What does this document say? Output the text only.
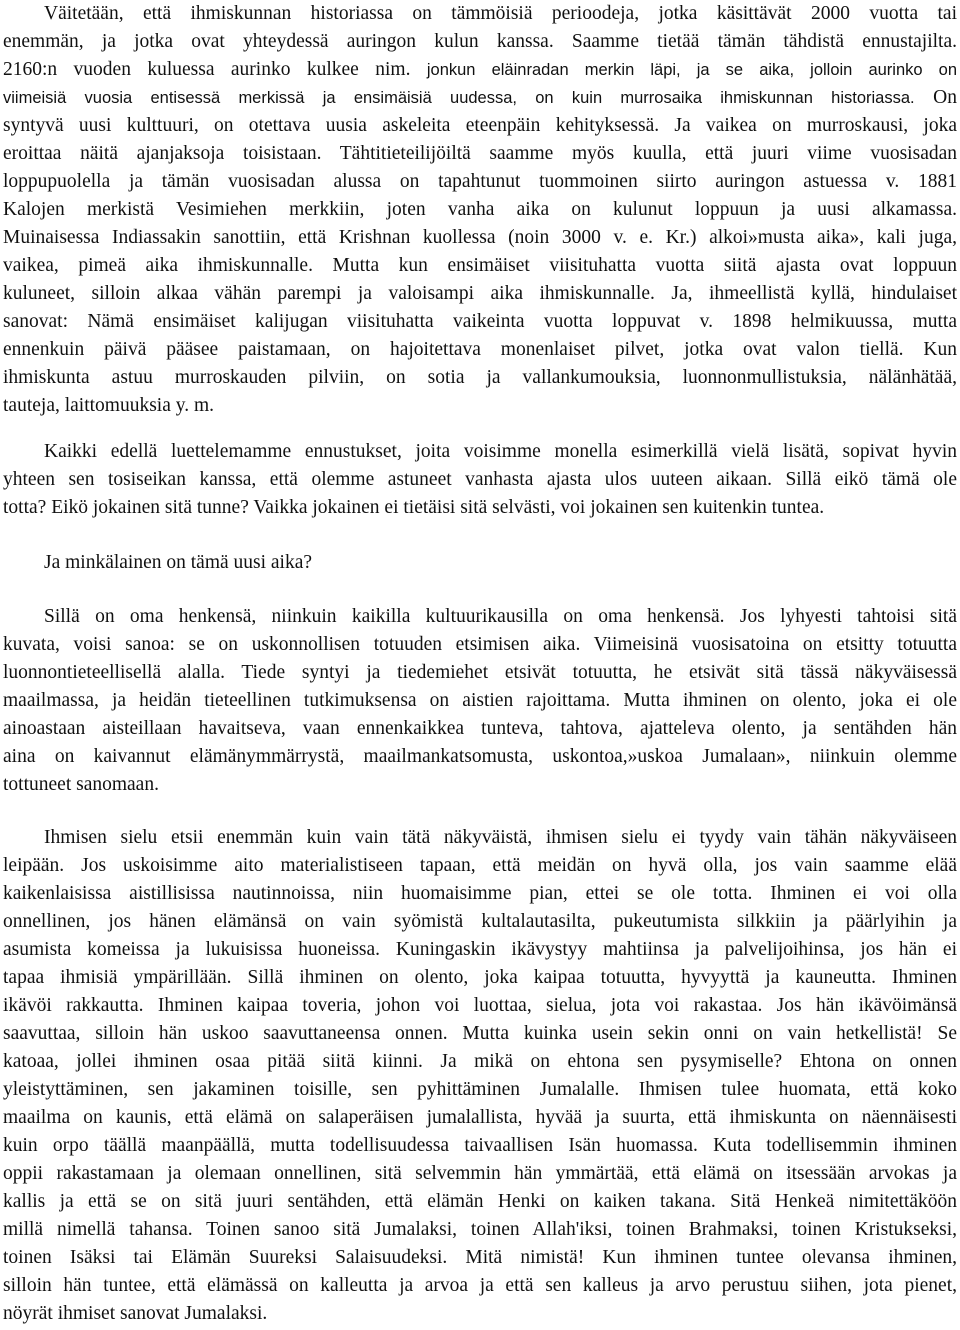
Väitetään, että ihmiskunnan historiassa on tämmöisiä perioodeja, jotka käsittävät 2000 vuotta tai
enemmän, ja jotka ovat yhteydessä auringon kulun kanssa. Saamme tietää tämän tähdistä ennustajilta.
2160:n vuoden kuluessa aurinko kulkee nim. jonkun eläinradan merkin läpi, ja se aika, jolloin aurinko on
viimeisiä vuosia entisessä merkissä ja ensimäisiä uudessa, on kuin murrosaika ihmiskunnan historiassa. On
syntyvä uusi kulttuuri, on otettava uusia askeleita eteenpäin kehityksessä. Ja vaikea on murroskausi, joka
eroittaa näitä ajanjaksoja toisistaan. Tähtitieteilijöiltä saamme myös kuulla, että juuri viime vuosisadan
loppupuolella ja tämän vuosisadan alussa on tapahtunut tuommoinen siirto auringon astuessa v. 1881
Kalojen merkistä Vesimiehen merkkiin, joten vanha aika on kulunut loppuun ja uusi alkamassa.
Muinaisessa Indiassakin sanottiin, että Krishnan kuollessa (noin 3000 v. e. Kr.) alkoi»musta aika», kali juga,
vaikea, pimeä aika ihmiskunnalle. Mutta kun ensimäiset viisituhatta vuotta siitä ajasta ovat loppuun
kuluneet, silloin alkaa vähän parempi ja valoisampi aika ihmiskunnalle. Ja, ihmeellistä kyllä, hindulaiset
sanovat: Nämä ensimäiset kalijugan viisituhatta vaikeinta vuotta loppuvat v. 1898 helmikuussa, mutta
ennenkuin päivä pääsee paistamaan, on hajoitettava monenlaiset pilvet, jotka ovat valon tiellä. Kun
ihmiskunta astuu murroskauden pilviin, on sotia ja vallankumouksia, luonnonmullistuksia, nälänhätää,
tauteja, laittomuuksia y. m.
Kaikki edellä luettelemamme ennustukset, joita voisimme monella esimerkillä vielä lisätä, sopivat hyvin
yhteen sen tosiseikan kanssa, että olemme astuneet vanhasta ajasta ulos uuteen aikaan. Sillä eikö tämä ole
totta? Eikö jokainen sitä tunne? Vaikka jokainen ei tietäisi sitä selvästi, voi jokainen sen kuitenkin tuntea.
Ja minkälainen on tämä uusi aika?
Sillä on oma henkensä, niinkuin kaikilla kultuurikausilla on oma henkensä. Jos lyhyesti tahtoisi sitä
kuvata, voisi sanoa: se on uskonnollisen totuuden etsimisen aika. Viimeisinä vuosisatoina on etsitty totuutta
luonnontieteellisellä alalla. Tiede syntyi ja tiedemiehet etsivät totuutta, he etsivät sitä tässä näkyväisessä
maailmassa, ja heidän tieteellinen tutkimuksensa on aistien rajoittama. Mutta ihminen on olento, joka ei ole
ainoastaan aisteillaan havaitseva, vaan ennenkaikkea tunteva, tahtova, ajatteleva olento, ja sentähden hän
aina on kaivannut elämänymmärrystä, maailmankatsomusta, uskontoa,»uskoa Jumalaan», niinkuin olemme
tottuneet sanomaan.
Ihmisen sielu etsii enemmän kuin vain tätä näkyväistä, ihmisen sielu ei tyydy vain tähän näkyväiseen
leipään. Jos uskoisimme aito materialistiseen tapaan, että meidän on hyvä olla, jos vain saamme elää
kaikenlaisissa aistillisissa nautinnoissa, niin huomaisimme pian, ettei se ole totta. Ihminen ei voi olla
onnellinen, jos hänen elämänsä on vain syömistä kultalautasilta, pukeutumista silkkiin ja päärlyihin ja
asumista komeissa ja lukuisissa huoneissa. Kuningaskin ikävystyy mahtiinsa ja palvelijoihinsa, jos hän ei
tapaa ihmisiä ympärillään. Sillä ihminen on olento, joka kaipaa totuutta, hyvyyttä ja kauneutta. Ihminen
ikävöi rakkautta. Ihminen kaipaa toveria, johon voi luottaa, sielua, jota voi rakastaa. Jos hän ikävöimänsä
saavuttaa, silloin hän uskoo saavuttaneensa onnen. Mutta kuinka usein sekin onni on vain hetkellistä! Se
katoaa, jollei ihminen osaa pitää siitä kiinni. Ja mikä on ehtona sen pysymiselle? Ehtona on onnen
yleistyttäminen, sen jakaminen toisille, sen pyhittäminen Jumalalle. Ihmisen tulee huomata, että koko
maailma on kaunis, että elämä on salaperäisen jumalallista, hyvää ja suurta, että ihmiskunta on näennäisesti
kuin orpo täällä maanpäällä, mutta todellisuudessa taivaallisen Isän huomassa. Kuta todellisemmin ihminen
oppii rakastamaan ja olemaan onnellinen, sitä selvemmin hän ymmärtää, että elämä on itsessään arvokas ja
kallis ja että se on sitä juuri sentähden, että elämän Henki on kaiken takana. Sitä Henkeä nimitettäköön
millä nimellä tahansa. Toinen sanoo sitä Jumalaksi, toinen Allah'iksi, toinen Brahmaksi, toinen Kristukseksi,
toinen Isäksi tai Elämän Suureksi Salaisuudeksi. Mitä nimistä! Kun ihminen tuntee olevansa ihminen,
silloin hän tuntee, että elämässä on kalleutta ja arvoa ja että sen kalleus ja arvo perustuu siihen, jota pienet,
nöyrät ihmiset sanovat Jumalaksi.
